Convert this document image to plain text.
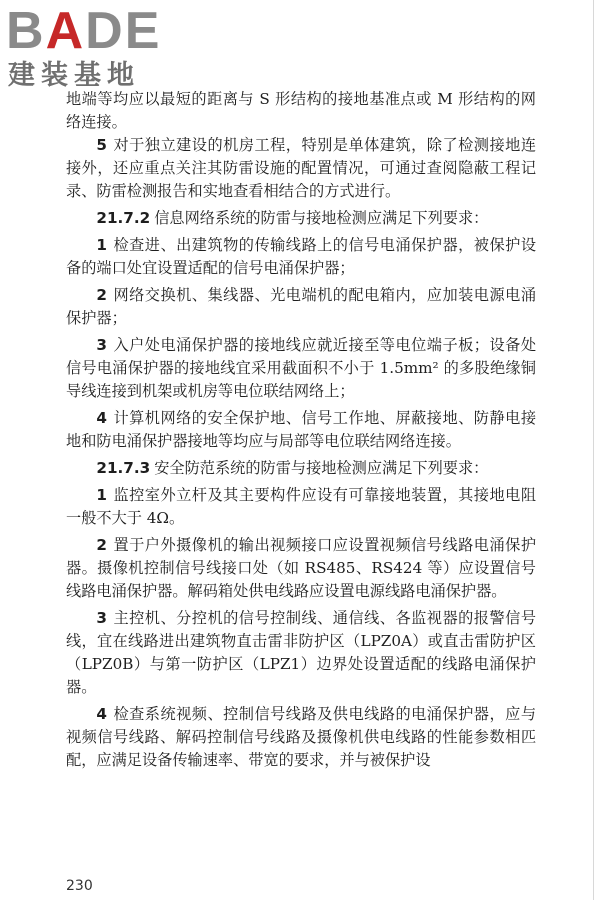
BADE
建装基地

地端等均应以最短的距离与 S 形结构的接地基准点或 M 形结构的网络连接。

5 对于独立建设的机房工程，特别是单体建筑，除了检测接地连接外，还应重点关注其防雷设施的配置情况，可通过查阅隐蔽工程记录、防雷检测报告和实地查看相结合的方式进行。

21.7.2 信息网络系统的防雷与接地检测应满足下列要求：

1 检查进、出建筑物的传输线路上的信号电涌保护器，被保护设备的端口处宜设置适配的信号电涌保护器；

2 网络交换机、集线器、光电端机的配电箱内，应加装电源电涌保护器；

3 入户处电涌保护器的接地线应就近接至等电位端子板；设备处信号电涌保护器的接地线宜采用截面积不小于 1.5mm² 的多股绝缘铜导线连接到机架或机房等电位联结网络上；

4 计算机网络的安全保护地、信号工作地、屏蔽接地、防静电接地和防电涌保护器接地等均应与局部等电位联结网络连接。

21.7.3 安全防范系统的防雷与接地检测应满足下列要求：

1 监控室外立杆及其主要构件应设有可靠接地装置，其接地电阻一般不大于 4Ω。

2 置于户外摄像机的输出视频接口应设置视频信号线路电涌保护器。摄像机控制信号线接口处（如 RS485、RS424 等）应设置信号线路电涌保护器。解码箱处供电线路应设置电源线路电涌保护器。

3 主控机、分控机的信号控制线、通信线、各监视器的报警信号线，宜在线路进出建筑物直击雷非防护区（LPZ0A）或直击雷防护区（LPZ0B）与第一防护区（LPZ1）边界处设置适配的线路电涌保护器。

4 检查系统视频、控制信号线路及供电线路的电涌保护器，应与视频信号线路、解码控制信号线路及摄像机供电线路的性能参数相匹配，应满足设备传输速率、带宽的要求，并与被保护设

230
